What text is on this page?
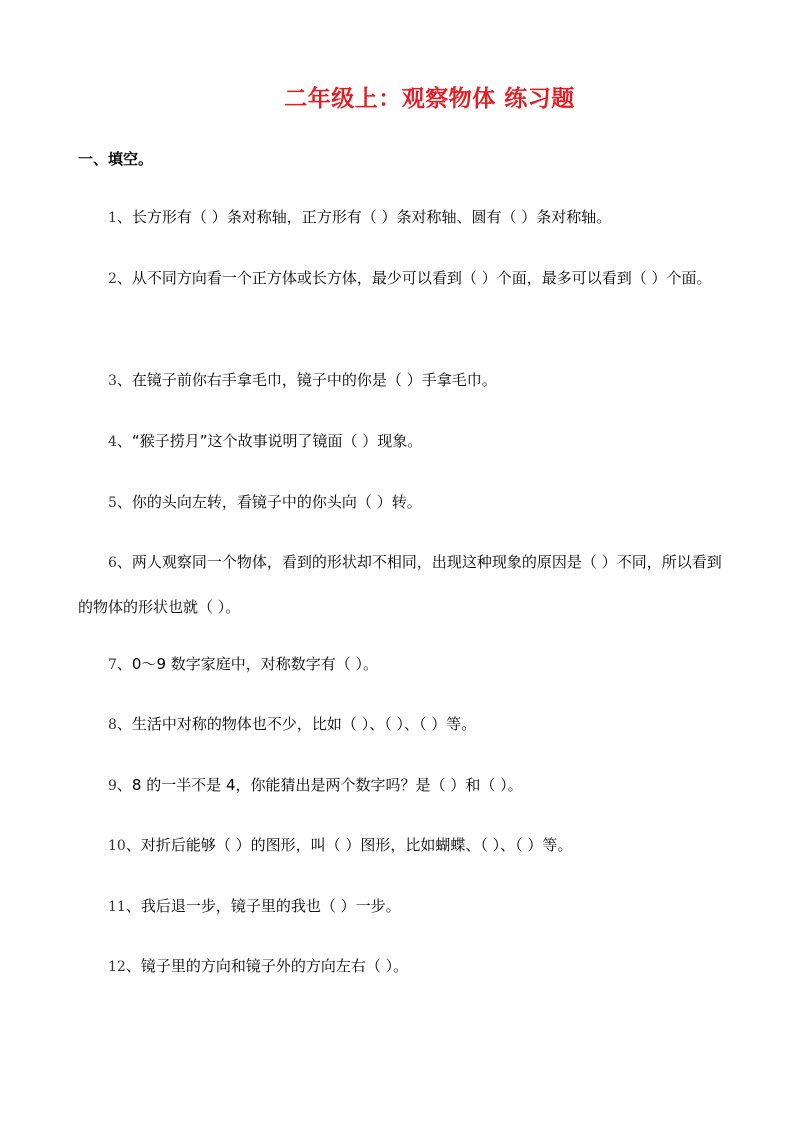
二年级上：观察物体 练习题
一、填空。

1、长方形有（ ）条对称轴，正方形有（ ）条对称轴、圆有（ ）条对称轴。

2、从不同方向看一个正方体或长方体，最少可以看到（ ）个面，最多可以看到（ ）个面。

3、在镜子前你右手拿毛巾，镜子中的你是（ ）手拿毛巾。

4、“猴子捞月”这个故事说明了镜面（ ）现象。

5、你的头向左转，看镜子中的你头向（ ）转。

6、两人观察同一个物体，看到的形状却不相同，出现这种现象的原因是（ ）不同，所以看到的物体的形状也就（ ）。

7、0～9 数字家庭中，对称数字有（ ）。

8、生活中对称的物体也不少，比如（ ）、（ ）、（ ）等。

9、8 的一半不是 4，你能猜出是两个数字吗？是（ ）和（ ）。

10、对折后能够（ ）的图形，叫（ ）图形，比如蝴蝶、（ ）、（ ）等。

11、我后退一步，镜子里的我也（ ）一步。

12、镜子里的方向和镜子外的方向左右（ ）。
